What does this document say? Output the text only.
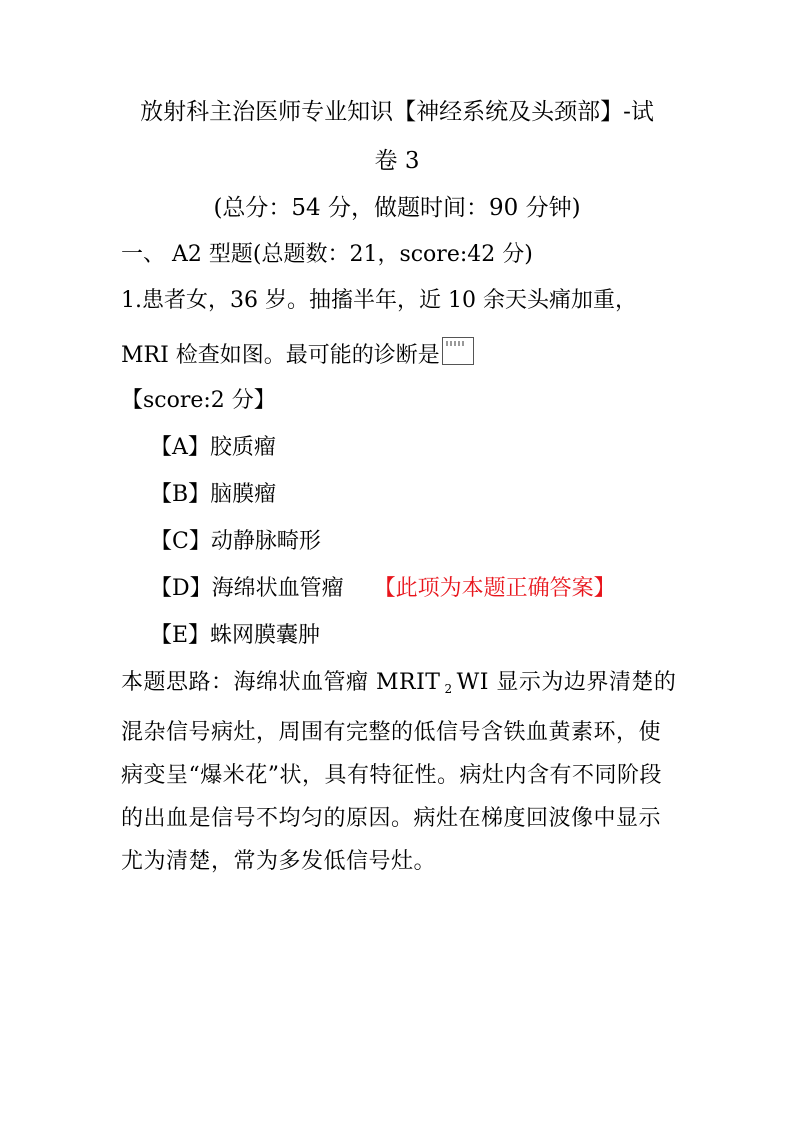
放射科主治医师专业知识【神经系统及头颈部】-试
卷 3
(总分：54 分，做题时间：90 分钟)
一、 A2 型题(总题数：21，score:42 分)
1.患者女，36 岁。抽搐半年，近 10 余天头痛加重，
MRI 检查如图。最可能的诊断是
【score:2 分】
【A】胶质瘤
【B】脑膜瘤
【C】动静脉畸形
【D】海绵状血管瘤 【此项为本题正确答案】
【E】蛛网膜囊肿
本题思路：海绵状血管瘤 MRIT $_2$ WI 显示为边界清楚的混杂信号病灶，周围有完整的低信号含铁血黄素环，使病变呈“爆米花”状，具有特征性。病灶内含有不同阶段的出血是信号不均匀的原因。病灶在梯度回波像中显示尤为清楚，常为多发低信号灶。
